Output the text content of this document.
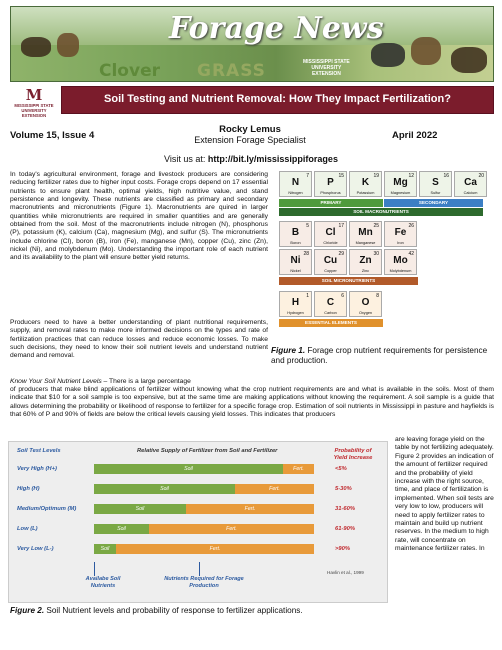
Forage News
Clover GRASS	MISSISSIPPI STATE
UNIVERSITY
EXTENSION
M
MISSISSIPPI STATE
UNIVERSITY
EXTENSION
Soil Testing and Nutrient Removal: How They Impact Fertilization?
Volume 15, Issue 4
Rocky Lemus
Extension Forage Specialist	April 2022
Visit us at: http://bit.ly/mississippiforages
In today's agricultural environment, forage and livestock producers are considering reducing fertilizer rates due to higher input costs. Forage crops depend on 17 essential nutrients to ensure plant health, optimal yields, high nutritive value, and stand persistence and longevity. These nutrients are classified as primary and secondary macronutrients and micronutrients (Figure 1). Macronutrients are quired in larger quantities while micronutrients are required in smaller quantities and are generally obtained from the soil. Most of the macronutrients include nitrogen (N), phosphorus (P), potassium (K), calcium (Ca), magnesium (Mg), and sulfur (S). The micronutrients include chlorine (Cl), boron (B), iron (Fe), manganese (Mn), copper (Cu), zinc (Zn), nickel (Ni), and molybdenum (Mo). Understanding the important role of each nutrient and its availability to the plant will ensure better yield returns.
Producers need to have a better understanding of plant nutritional requirements, supply, and removal rates to make more informed decisions on the types and rate of fertilization practices that can reduce losses and reduce economic losses. To make such decisions, they need to know their soil nutrient levels and understand nutrient demand and removal.
Know Your Soil Nutrient Levels – There is a large percentage
of producers that make blind applications of fertilizer without knowing what the crop nutrient requirements are and what is available in the soils. Most of them indicate that $10 for a soil sample is too expensive, but at the same time are making applications without knowing the requirement. A soil sample is a guide that allows determining the probability or likelihood of response to fertilizer for a specific forage crop. Estimation of soil nutrients in Mississippi in pasture and hayfields is that 60% of P and 90% of fields are below the critical levels causing yield losses. This indicates that producers
are leaving forage yield on the table by not fertilizing adequately. Figure 2 provides an indication of the amount of fertilizer required and the probability of yield increase with the right source, time, and place of fertilization is implemented. When soil tests are very low to low, producers will need to apply fertilizer rates to maintain and build up nutrient reserves. In the medium to high rate, will concentrate on maintenance fertilizer rates. In
7
N
Nitrogen
15
P
Phosphorus
19
K
Potassium
12
Mg
Magnesium
16
S
Sulfur
20
Ca
Calcium
PRIMARY	SECONDARY
SOIL MACRONUTRIENTS
5
B
Boron
17
Cl
Chloride
25
Mn
Manganese
26
Fe
Iron
28
Ni
Nickel
29
Cu
Copper
30
Zn
Zinc
42
Mo
Molybdenum
SOIL MICRONUTRIENTS
1
H
Hydrogen
6
C
Carbon
8
O
Oxygen
ESSENTIAL ELEMENTS
Figure 1. Forage crop nutrient requirements for persistence and production.
Soil Test Levels	Relative Supply of Fertilizer from Soil and Fertilizer	Probability of Yield Increase
Very High (H+)	Soil	Fert.	<5%
High (H)	Soil	Fert.	5-30%
Medium/Optimum (M)	Soil	Fert.	31-60%
Low (L)	Soil	Fert.	61-90%
Very Low (L-)	Soil	Fert.	>90%
Availabe Soil Nutrients
Nutrients Required for Forage Production
Havlin et al., 1999
Figure 2. Soil Nutrient levels and probability of response to fertilizer applications.
